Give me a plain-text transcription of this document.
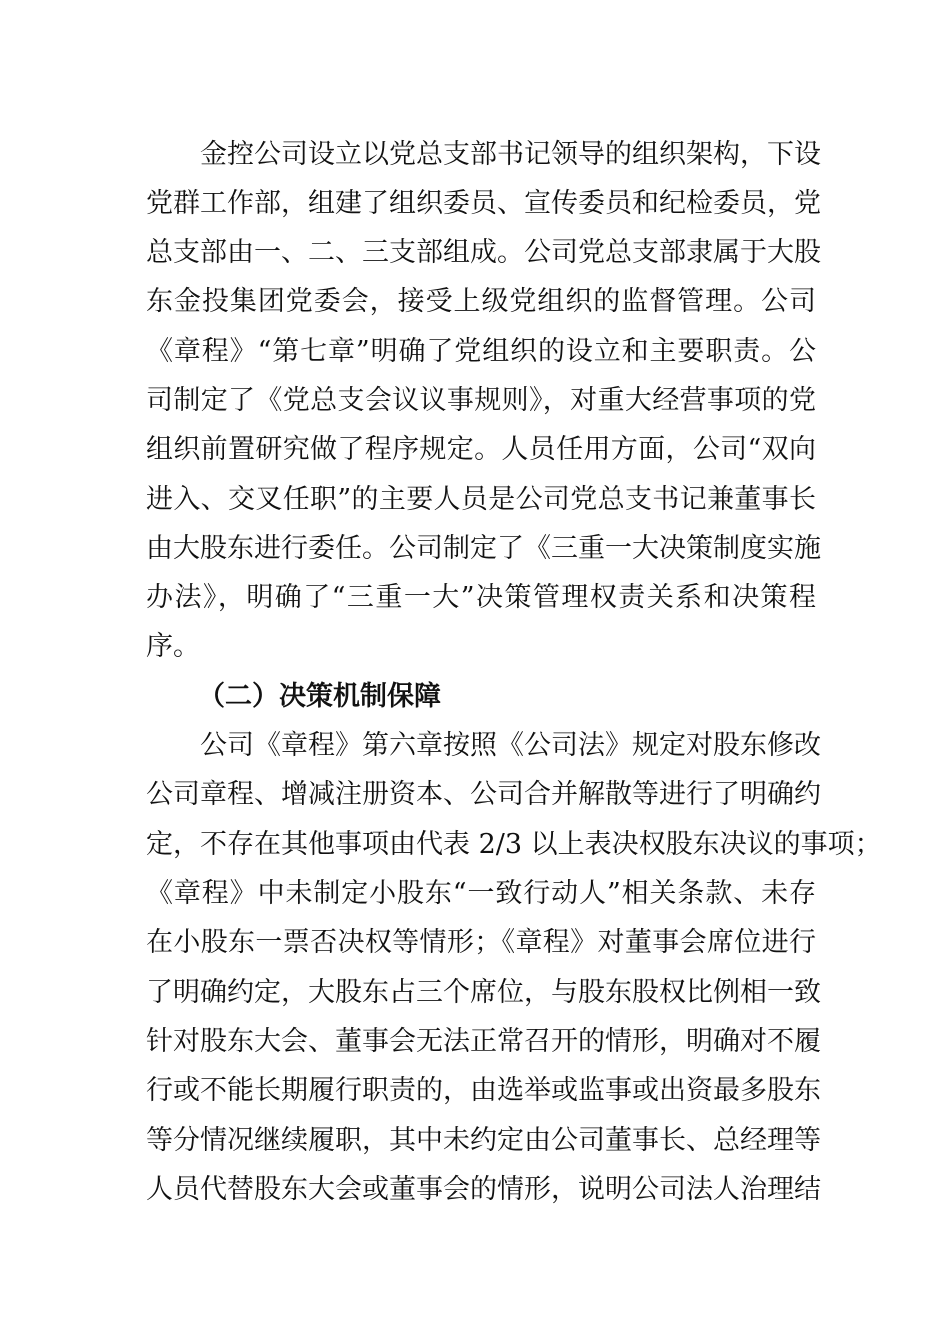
金控公司设立以党总支部书记领导的组织架构，下设
党群工作部，组建了组织委员、宣传委员和纪检委员，党
总支部由一、二、三支部组成。公司党总支部隶属于大股
东金投集团党委会，接受上级党组织的监督管理。公司
《章程》“第七章”明确了党组织的设立和主要职责。公
司制定了《党总支会议议事规则》，对重大经营事项的党
组织前置研究做了程序规定。人员任用方面，公司“双向
进入、交叉任职”的主要人员是公司党总支书记兼董事长
由大股东进行委任。公司制定了《三重一大决策制度实施
办法》，明确了“三重一大”决策管理权责关系和决策程
序。
（二）决策机制保障
公司《章程》第六章按照《公司法》规定对股东修改
公司章程、增减注册资本、公司合并解散等进行了明确约
定，不存在其他事项由代表 2/3 以上表决权股东决议的事项；
《章程》中未制定小股东“一致行动人”相关条款、未存
在小股东一票否决权等情形；《章程》对董事会席位进行
了明确约定，大股东占三个席位，与股东股权比例相一致
针对股东大会、董事会无法正常召开的情形，明确对不履
行或不能长期履行职责的，由选举或监事或出资最多股东
等分情况继续履职，其中未约定由公司董事长、总经理等
人员代替股东大会或董事会的情形，说明公司法人治理结
